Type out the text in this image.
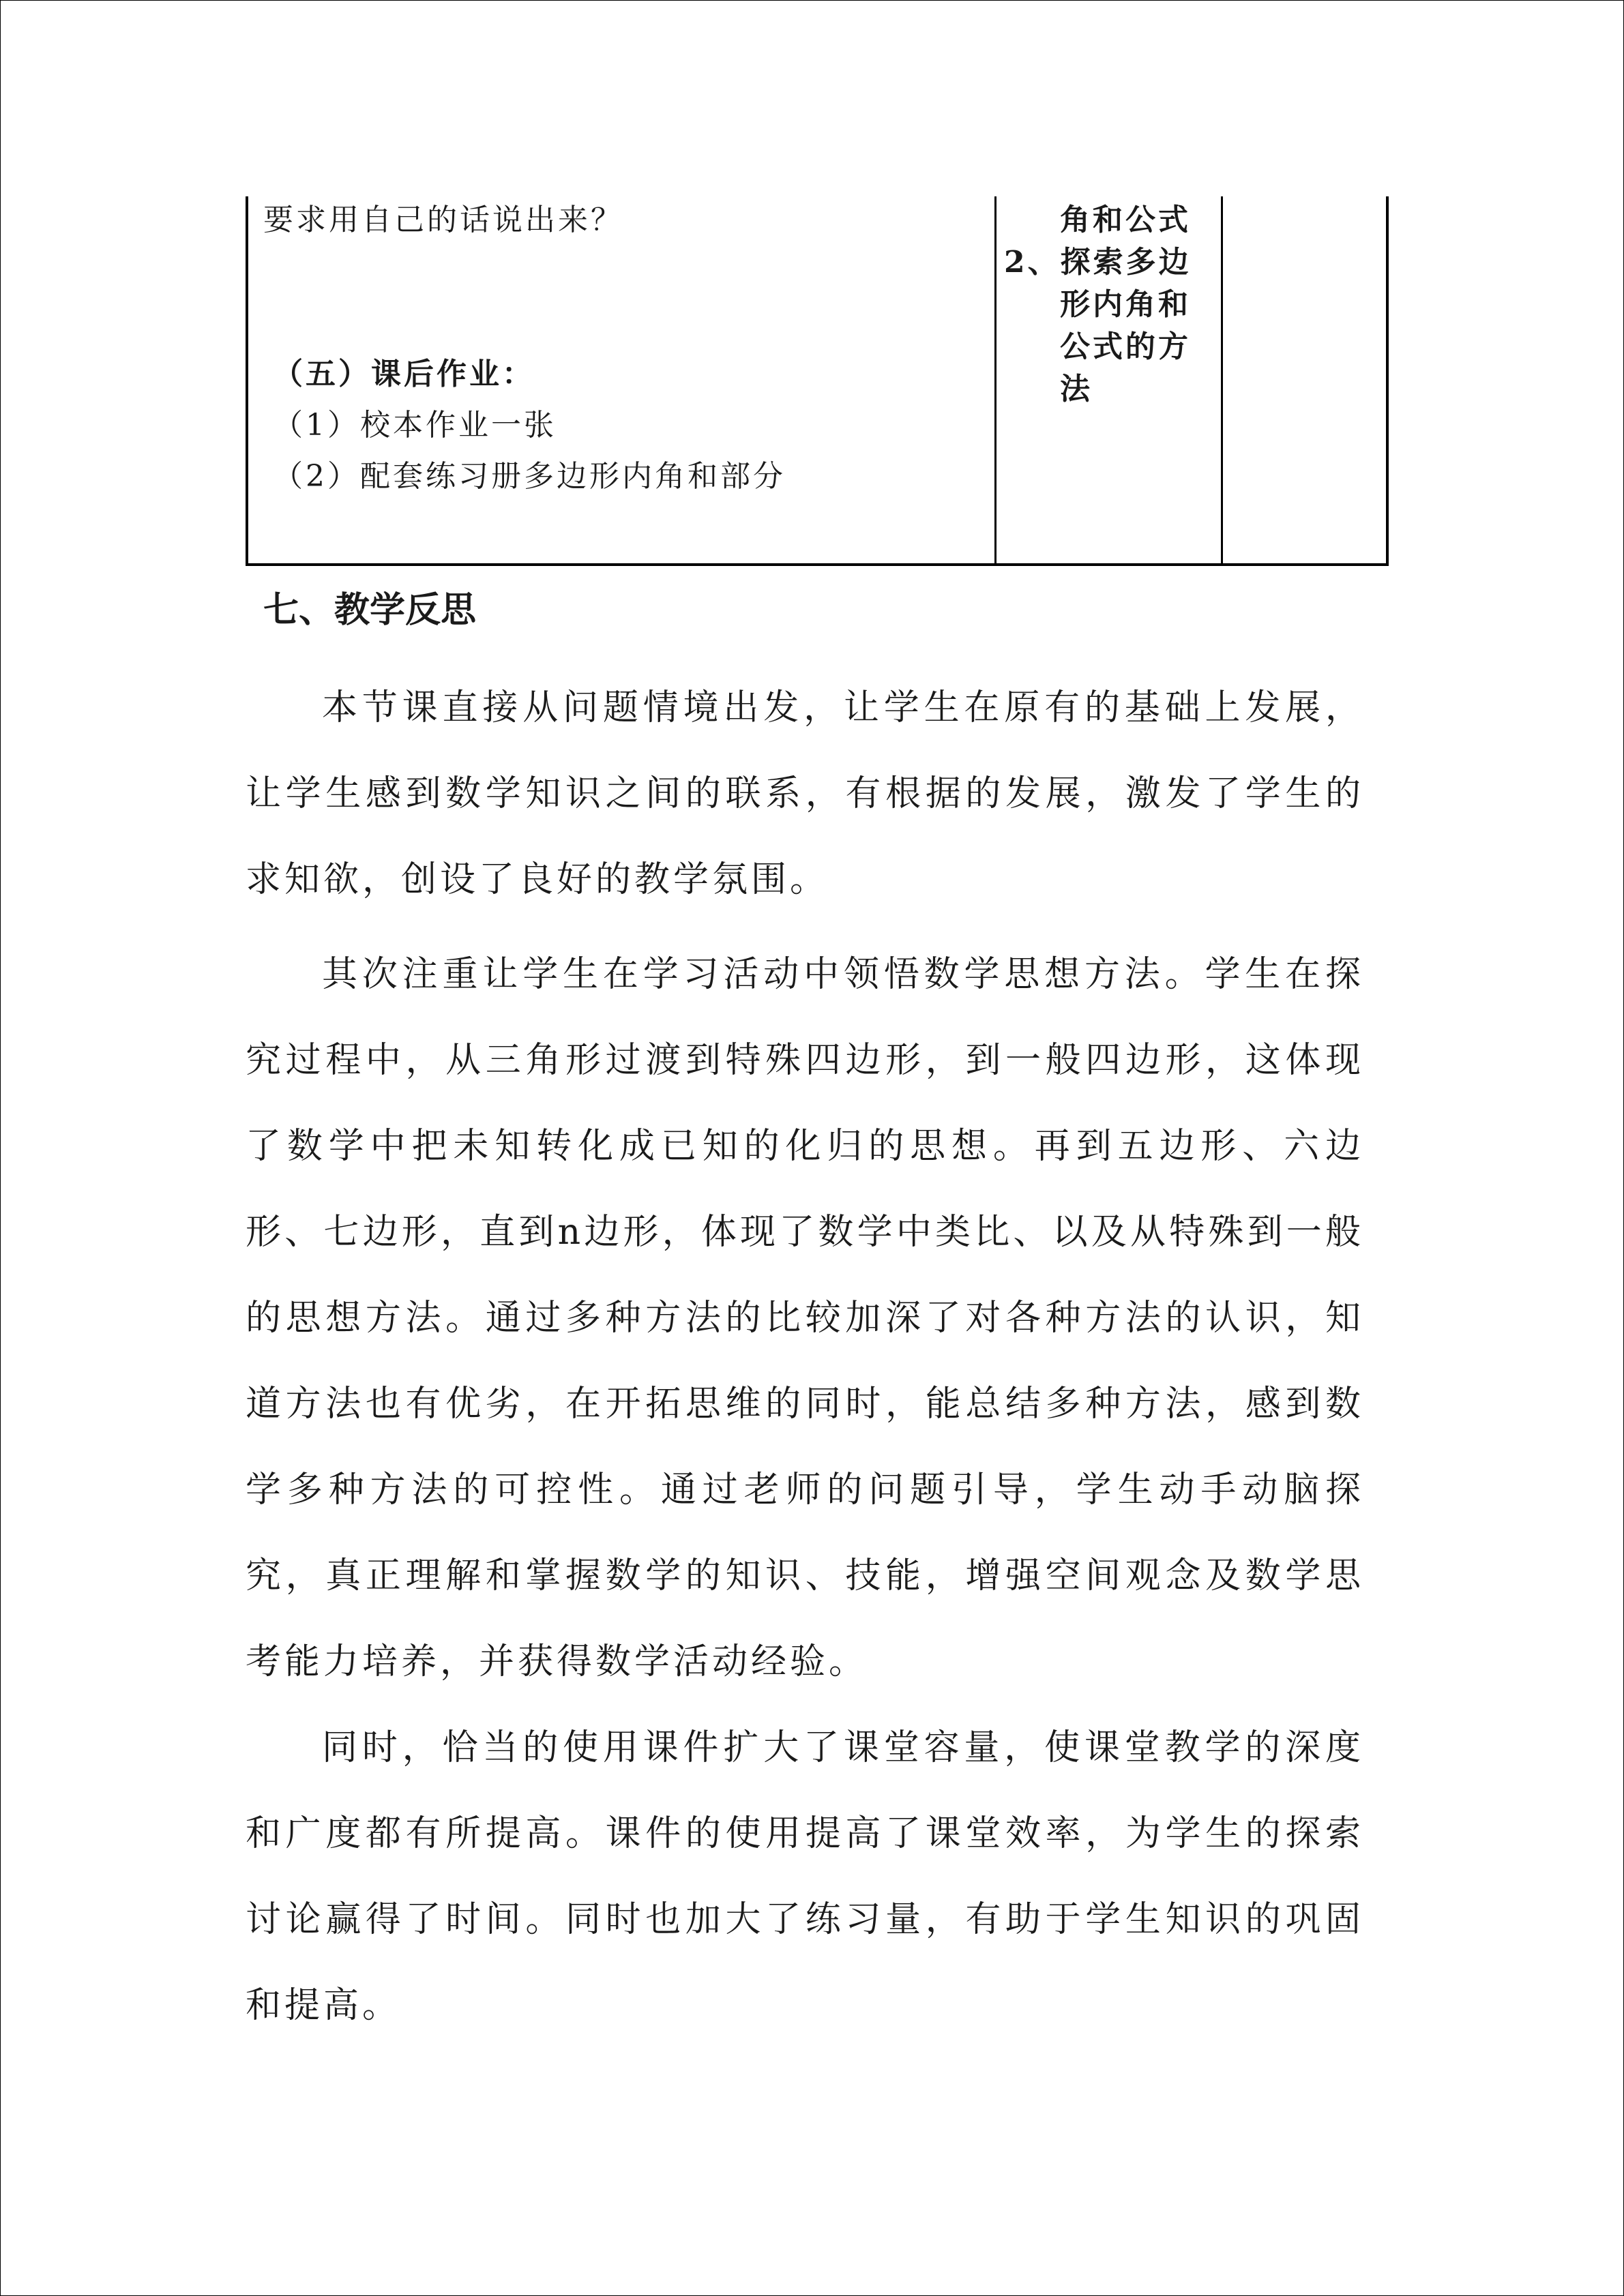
要求用自己的话说出来？
（五）课后作业：
（1）校本作业一张
（2）配套练习册多边形内角和部分
角和公式
2、探索多边
形内角和
公式的方
法
七、教学反思

本节课直接从问题情境出发，让学生在原有的基础上发展，让学生感到数学知识之间的联系，有根据的发展，激发了学生的求知欲，创设了良好的教学氛围。

其次注重让学生在学习活动中领悟数学思想方法。学生在探究过程中，从三角形过渡到特殊四边形，到一般四边形，这体现了数学中把未知转化成已知的化归的思想。再到五边形、六边形、七边形，直到n边形，体现了数学中类比、以及从特殊到一般的思想方法。通过多种方法的比较加深了对各种方法的认识，知道方法也有优劣，在开拓思维的同时，能总结多种方法，感到数学多种方法的可控性。通过老师的问题引导，学生动手动脑探究，真正理解和掌握数学的知识、技能，增强空间观念及数学思考能力培养，并获得数学活动经验。

同时，恰当的使用课件扩大了课堂容量，使课堂教学的深度和广度都有所提高。课件的使用提高了课堂效率，为学生的探索讨论赢得了时间。同时也加大了练习量，有助于学生知识的巩固和提高。
